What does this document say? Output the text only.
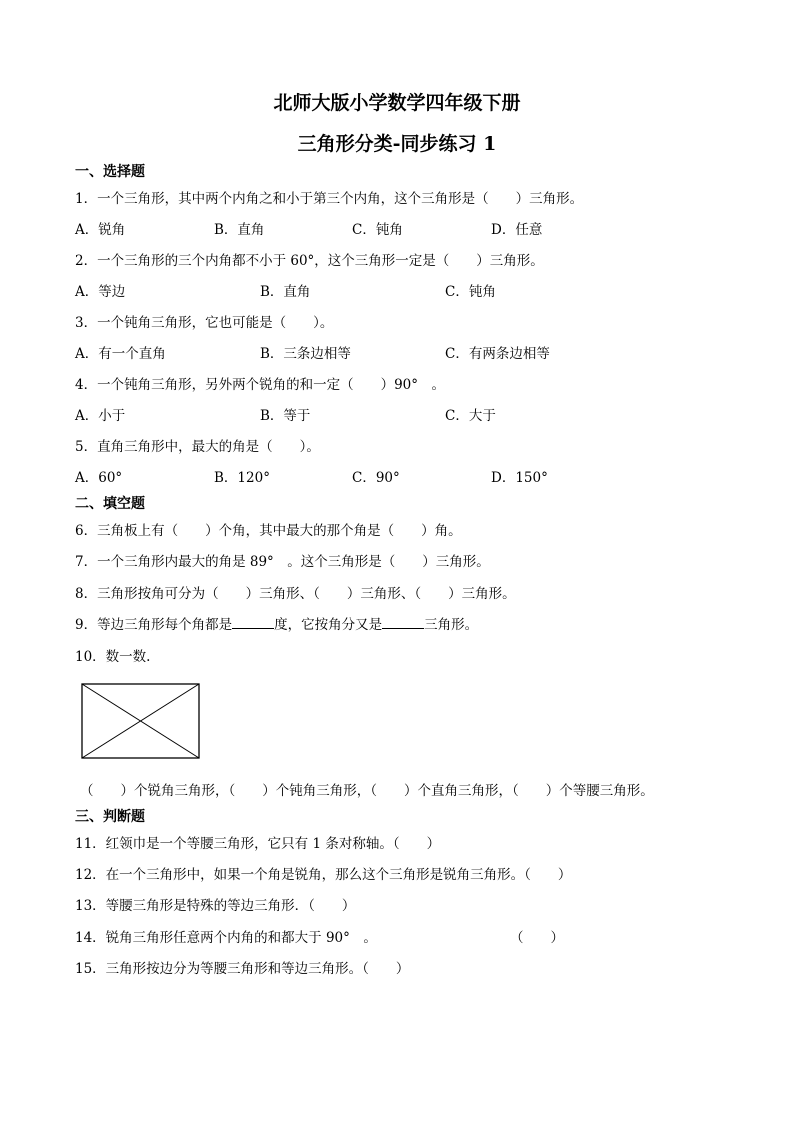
北师大版小学数学四年级下册
三角形分类-同步练习 1
一、选择题
1．一个三角形，其中两个内角之和小于第三个内角，这个三角形是（　　）三角形。
A．锐角	B．直角	C．钝角	D．任意
2．一个三角形的三个内角都不小于 60°，这个三角形一定是（　　）三角形。
A．等边	B．直角	C．钝角
3．一个钝角三角形，它也可能是（　　）。
A．有一个直角	B．三条边相等	C．有两条边相等
4．一个钝角三角形，另外两个锐角的和一定（　　）90°　。
A．小于	B．等于	C．大于
5．直角三角形中，最大的角是（　　）。
A．60°	B．120°	C．90°	D．150°
二、填空题
6．三角板上有（　　）个角，其中最大的那个角是（　　）角。
7．一个三角形内最大的角是 89°　。这个三角形是（　　）三角形。
8．三角形按角可分为（　　）三角形、（　　）三角形、（　　）三角形。
9．等边三角形每个角都是	度，它按角分又是	三角形。
10．数一数.
（　　）个锐角三角形，（　　）个钝角三角形，（　　）个直角三角形，（　　）个等腰三角形。
三、判断题
11．红领巾是一个等腰三角形，它只有 1 条对称轴。（　　）
12．在一个三角形中，如果一个角是锐角，那么这个三角形是锐角三角形。（　　）
13．等腰三角形是特殊的等边三角形．（　　）
14．锐角三角形任意两个内角的和都大于 90°　。	（　　）
15．三角形按边分为等腰三角形和等边三角形。（　　）
